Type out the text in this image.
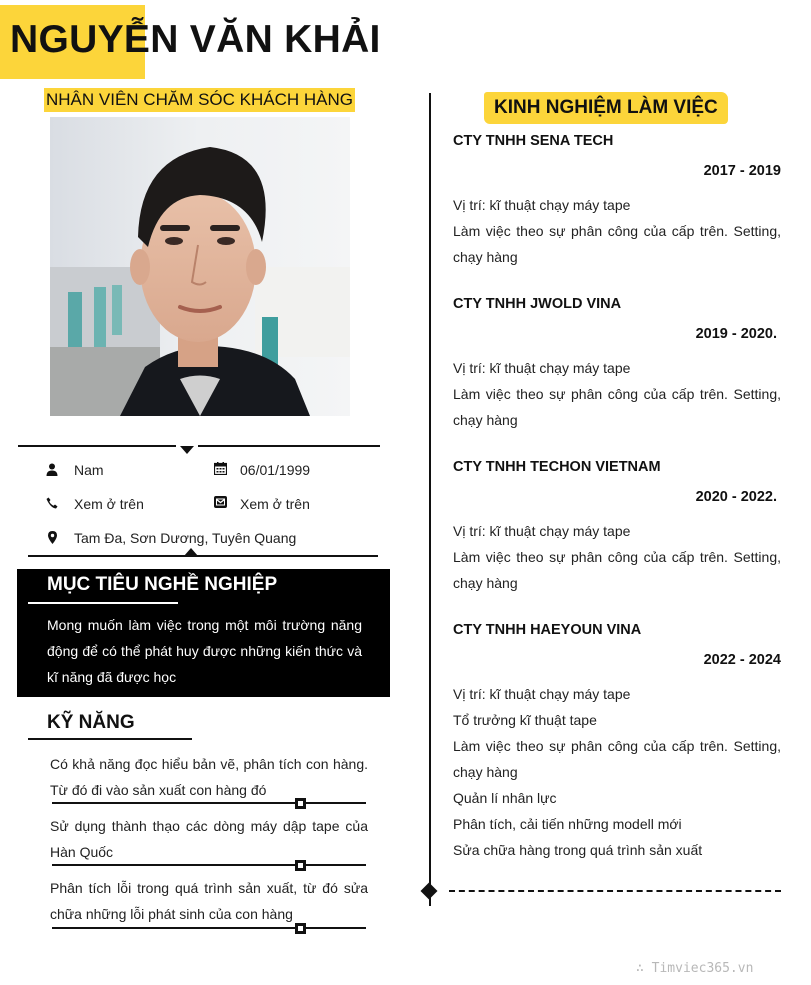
NGUYỄN VĂN KHẢI
NHÂN VIÊN CHĂM SÓC KHÁCH HÀNG
Nam	06/01/1999
Xem ở trên	Xem ở trên
Tam Đa, Sơn Dương, Tuyên Quang
MỤC TIÊU NGHỀ NGHIỆP
Mong muốn làm việc trong một môi trường năng động để có thể phát huy được những kiến thức và kĩ năng đã được học
KỸ NĂNG
Có khả năng đọc hiểu bản vẽ, phân tích con hàng. Từ đó đi vào sản xuất con hàng đó
Sử dụng thành thạo các dòng máy dập tape của Hàn Quốc
Phân tích lỗi trong quá trình sản xuất, từ đó sửa chữa những lỗi phát sinh của con hàng
KINH NGHIỆM LÀM VIỆC
CTY TNHH SENA TECH
2017 - 2019
Vị trí: kĩ thuật chạy máy tape
Làm việc theo sự phân công của cấp trên. Setting, chạy hàng
CTY TNHH JWOLD VINA
2019 - 2020.
Vị trí: kĩ thuật chạy máy tape
Làm việc theo sự phân công của cấp trên. Setting, chạy hàng
CTY TNHH TECHON VIETNAM
2020 - 2022.
Vị trí: kĩ thuật chạy máy tape
Làm việc theo sự phân công của cấp trên. Setting, chạy hàng
CTY TNHH HAEYOUN VINA
2022 - 2024
Vị trí: kĩ thuật chạy máy tape
Tổ trưởng kĩ thuật tape
Làm việc theo sự phân công của cấp trên. Setting, chạy hàng
Quản lí nhân lực
Phân tích, cải tiến những modell mới
Sửa chữa hàng trong quá trình sản xuất
∴ Timviec365.vn
